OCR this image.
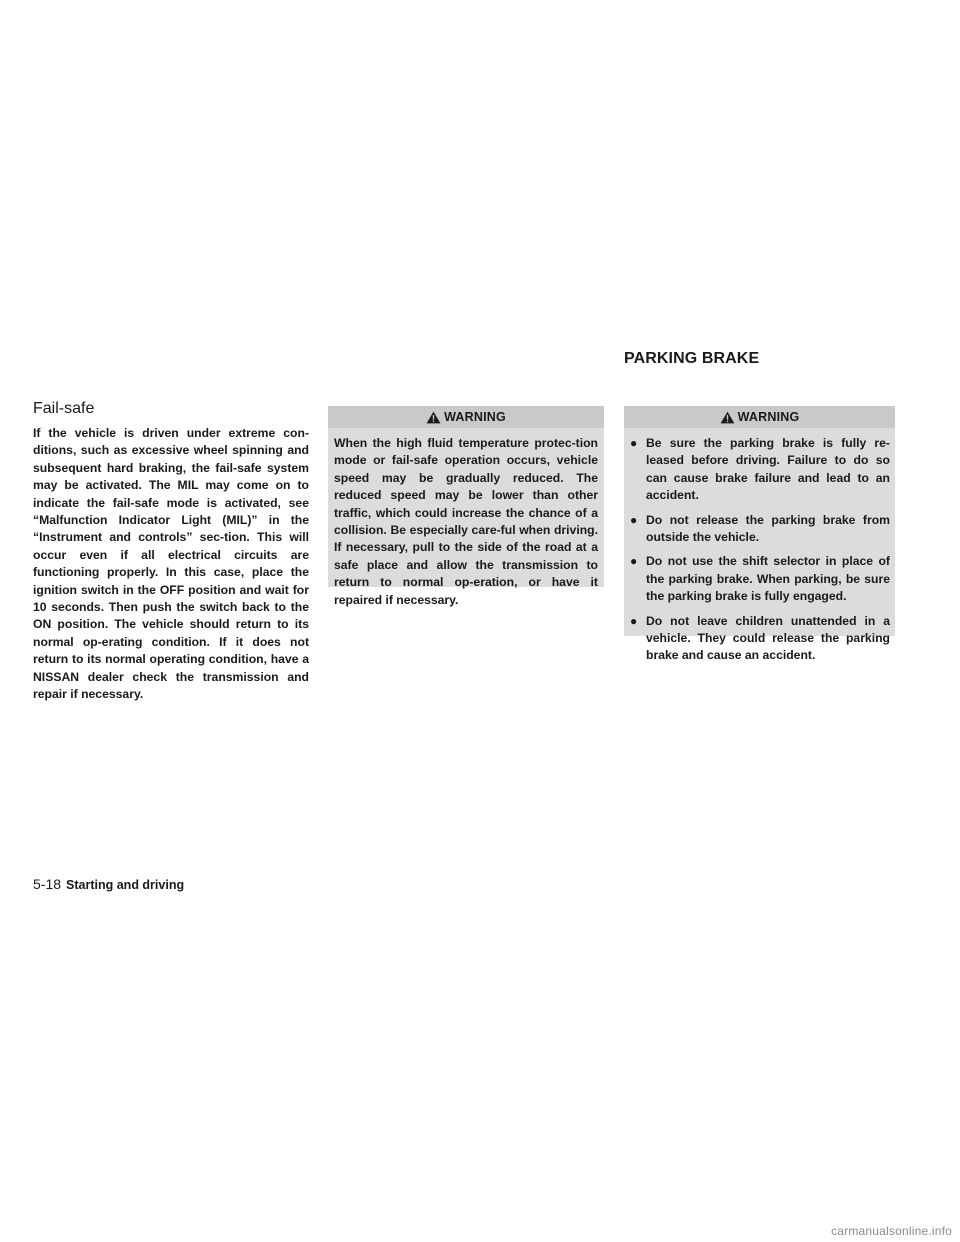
PARKING BRAKE
Fail-safe

If the vehicle is driven under extreme con-ditions, such as excessive wheel spinning and subsequent hard braking, the fail-safe system may be activated. The MIL may come on to indicate the fail-safe mode is activated, see “Malfunction Indicator Light (MIL)” in the “Instrument and controls” sec-tion. This will occur even if all electrical circuits are functioning properly. In this case, place the ignition switch in the OFF position and wait for 10 seconds. Then push the switch back to the ON position. The vehicle should return to its normal op-erating condition. If it does not return to its normal operating condition, have a NISSAN dealer check the transmission and repair if necessary.

WARNING
When the high fluid temperature protec-tion mode or fail-safe operation occurs, vehicle speed may be gradually reduced. The reduced speed may be lower than other traffic, which could increase the chance of a collision. Be especially care-ful when driving. If necessary, pull to the side of the road at a safe place and allow the transmission to return to normal op-eration, or have it repaired if necessary.
WARNING
● Be sure the parking brake is fully re-leased before driving. Failure to do so can cause brake failure and lead to an accident.
● Do not release the parking brake from outside the vehicle.
● Do not use the shift selector in place of the parking brake. When parking, be sure the parking brake is fully engaged.
● Do not leave children unattended in a vehicle. They could release the parking brake and cause an accident.
5-18 Starting and driving
carmanualsonline.info
